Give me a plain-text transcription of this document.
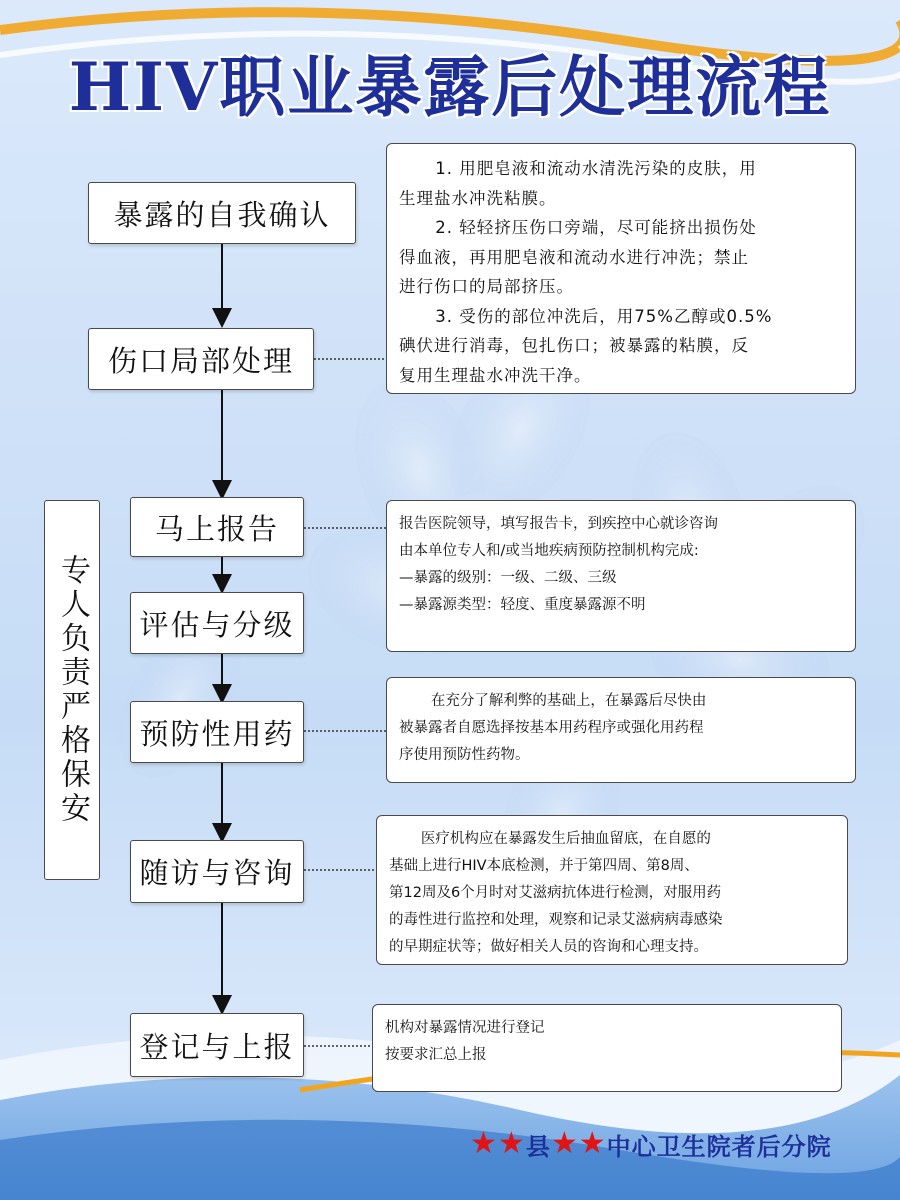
HIV职业暴露后处理流程
暴露的自我确认
伤口局部处理
马上报告
评估与分级
预防性用药
随访与咨询
登记与上报
专人负责严格保安

1. 用肥皂液和流动水清洗污染的皮肤，用

生理盐水冲洗粘膜。

2. 轻轻挤压伤口旁端，尽可能挤出损伤处

得血液，再用肥皂液和流动水进行冲洗；禁止

进行伤口的局部挤压。

3. 受伤的部位冲洗后，用75%乙醇或0.5%

碘伏进行消毒，包扎伤口；被暴露的粘膜，反

复用生理盐水冲洗干净。

报告医院领导，填写报告卡，到疾控中心就诊咨询

由本单位专人和/或当地疾病预防控制机构完成:

—暴露的级别：一级、二级、三级

—暴露源类型：轻度、重度暴露源不明

在充分了解利弊的基础上，在暴露后尽快由

被暴露者自愿选择按基本用药程序或强化用药程

序使用预防性药物。

医疗机构应在暴露发生后抽血留底，在自愿的

基础上进行HIV本底检测，并于第四周、第8周、

第12周及6个月时对艾滋病抗体进行检测，对服用药

的毒性进行监控和处理，观察和记录艾滋病病毒感染

的早期症状等；做好相关人员的咨询和心理支持。

机构对暴露情况进行登记

按要求汇总上报

★ ★ 县 ★ ★ 中心卫生院者后分院
